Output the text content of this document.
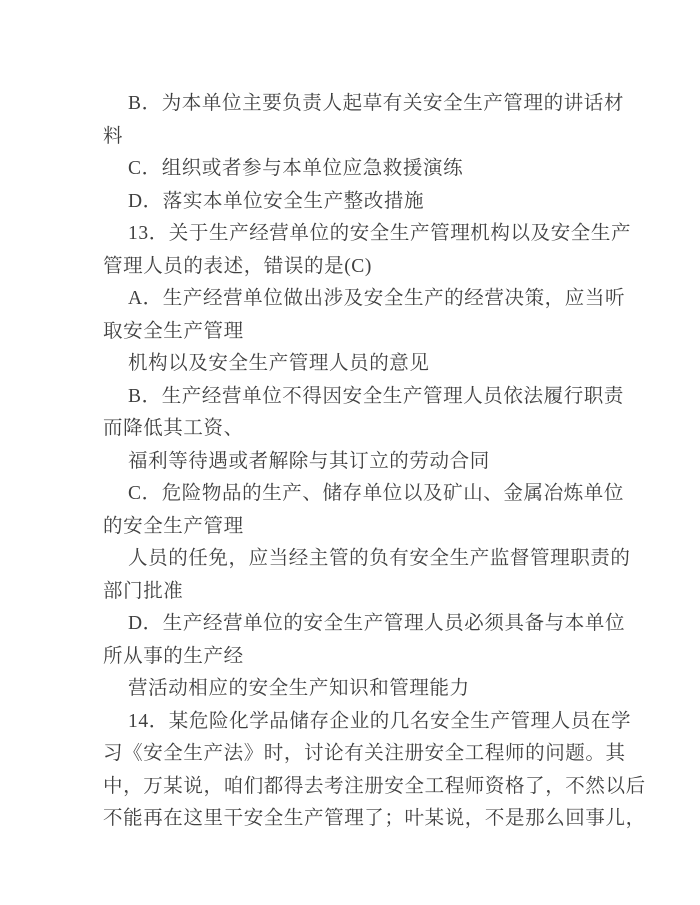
B．为本单位主要负责人起草有关安全生产管理的讲话材
料
C．组织或者参与本单位应急救援演练
D．落实本单位安全生产整改措施
13．关于生产经营单位的安全生产管理机构以及安全生产
管理人员的表述，错误的是(C)
A．生产经营单位做出涉及安全生产的经营决策，应当听
取安全生产管理
机构以及安全生产管理人员的意见
B．生产经营单位不得因安全生产管理人员依法履行职责
而降低其工资、
福利等待遇或者解除与其订立的劳动合同
C．危险物品的生产、储存单位以及矿山、金属冶炼单位
的安全生产管理
人员的任免，应当经主管的负有安全生产监督管理职责的
部门批准
D．生产经营单位的安全生产管理人员必须具备与本单位
所从事的生产经
营活动相应的安全生产知识和管理能力
14．某危险化学品储存企业的几名安全生产管理人员在学
习《安全生产法》时，讨论有关注册安全工程师的问题。其
中，万某说，咱们都得去考注册安全工程师资格了，不然以后
不能再在这里干安全生产管理了；叶某说，不是那么回事儿，
